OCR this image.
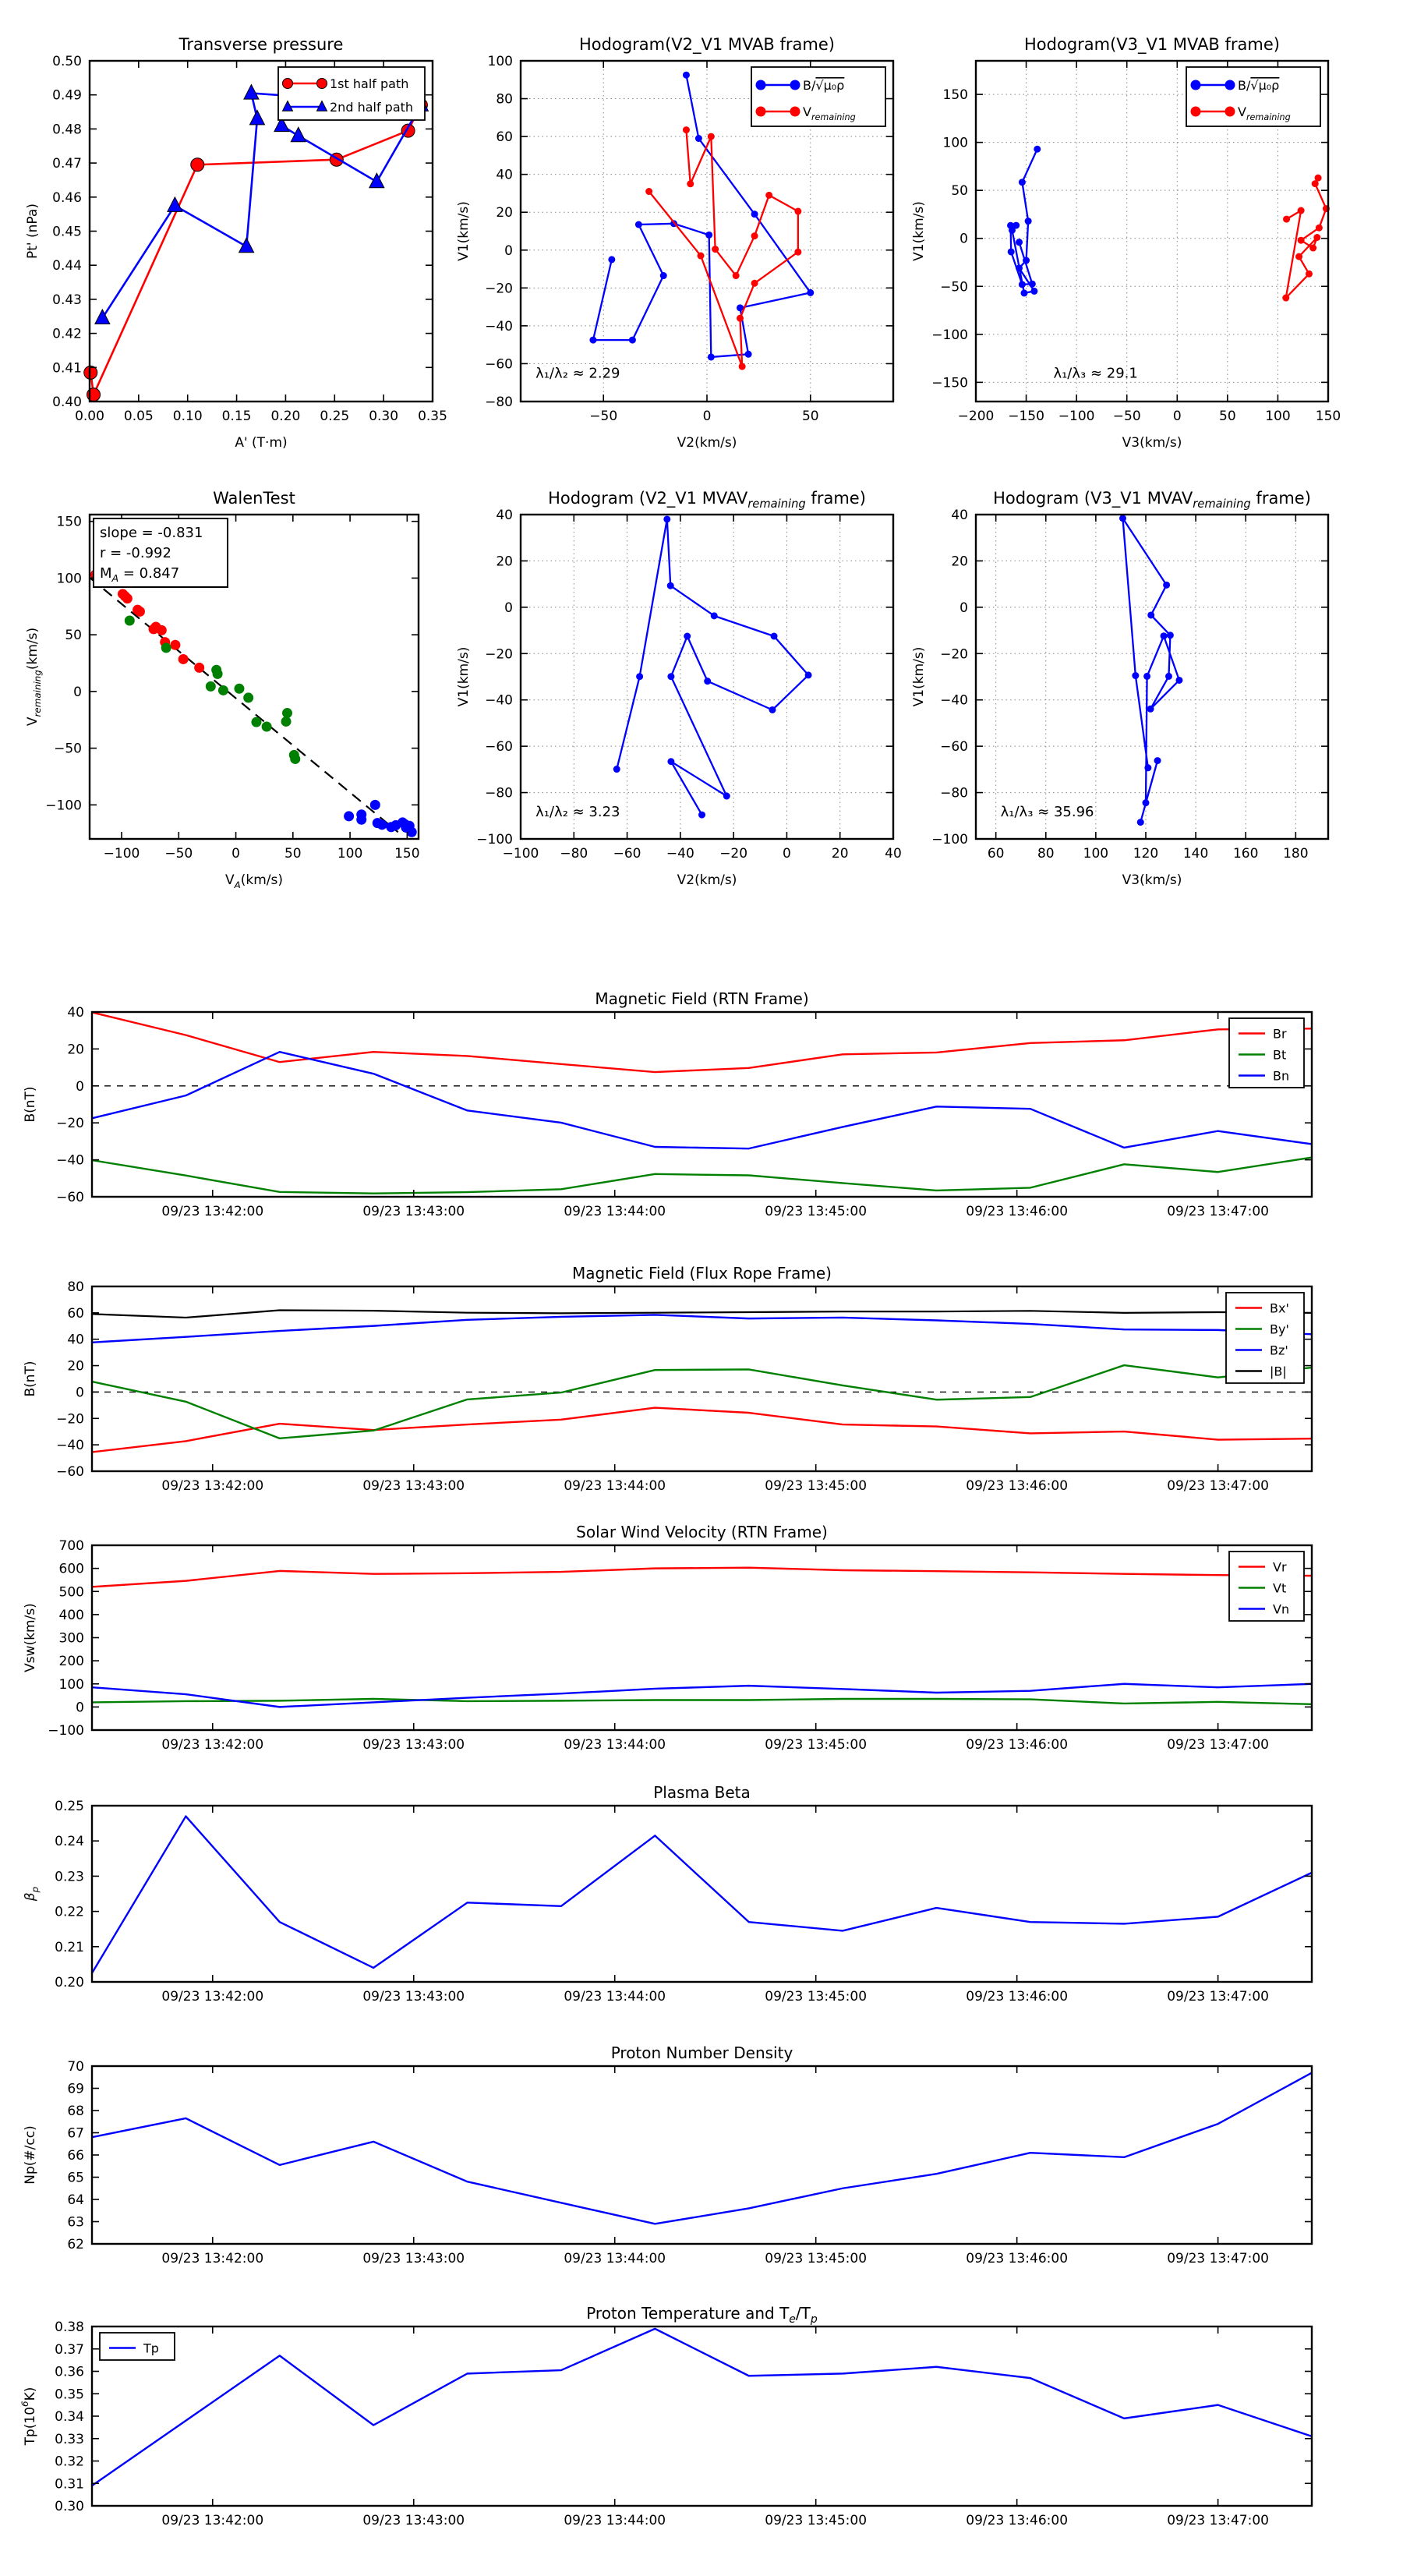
0.00 0.05 0.10 0.15 0.20 0.25 0.30 0.35
0.40
0.41
0.42
0.43
0.44
0.45
0.46
0.47
0.48
0.49
0.50
Transverse pressure
A' (T·m)
Pt' (nPa)
1st half path
2nd half path
−50	0	50
−80
−60
−40
−20
0
20
40
60
80
100
Hodogram(V2_V1 MVAB frame)
V2(km/s)
V1(km/s)
λ₁/λ₂ ≈ 2.29
B/√μ₀ρ
$V_{remaining}$
−200 −150 −100 −50 0	50 100 150
−150
−100
−50
0
50
100
150
Hodogram(V3_V1 MVAB frame)
V3(km/s)
V1(km/s)
λ₁/λ₃ ≈ 29.1
B/√μ₀ρ
$V_{remaining}$
−100 −50	0	50	100 150
−100
−50
0
50
100
150
WalenTest
$V_A(km/s)$
$V_{remaining}(km/s)$
slope = -0.831
r = -0.992
$M_A = 0.847$
−100 −80 −60 −40 −20	0	20	40
−100
−80
−60
−40
−20
0
20
40
Hodogram (V2_V1 $MVAV_{remaining}$ frame)
V2(km/s)
V1(km/s)
λ₁/λ₂ ≈ 3.23
60 80 100 120 140 160 180
−100
−80
−60
−40
−20
0
20
40
Hodogram (V3_V1 $MVAV_{remaining}$ frame)
V3(km/s)
V1(km/s)
λ₁/λ₃ ≈ 35.96
09/23 13:42:00	09/23 13:43:00	09/23 13:44:00	09/23 13:45:00	09/23 13:46:00	09/23 13:47:00
−60
−40
−20
0
20
40
Magnetic Field (RTN Frame)
B(nT)
Br
Bt
Bn
09/23 13:42:00	09/23 13:43:00	09/23 13:44:00	09/23 13:45:00	09/23 13:46:00	09/23 13:47:00
−60
−40
−20
0
20
40
60
80
Magnetic Field (Flux Rope Frame)
B(nT)
Bx'
By'
Bz'
|B|
09/23 13:42:00	09/23 13:43:00	09/23 13:44:00	09/23 13:45:00	09/23 13:46:00	09/23 13:47:00
−100
0
100
200
300
400
500
600
700
Solar Wind Velocity (RTN Frame)
Vsw(km/s)
Vr
Vt
Vn
09/23 13:42:00	09/23 13:43:00	09/23 13:44:00	09/23 13:45:00	09/23 13:46:00	09/23 13:47:00
0.20
0.21
0.22
0.23
0.24
0.25
Plasma Beta
$\beta_p$
09/23 13:42:00	09/23 13:43:00	09/23 13:44:00	09/23 13:45:00	09/23 13:46:00	09/23 13:47:00
62
63
64
65
66
67
68
69
70
Proton Number Density
Np(#/cc)
09/23 13:42:00	09/23 13:43:00	09/23 13:44:00	09/23 13:45:00	09/23 13:46:00	09/23 13:47:00
0.30
0.31
0.32
0.33
0.34
0.35
0.36
0.37
0.38
Proton Temperature and $T_e/T_p$
$Tp(10^6K)$
Tp
